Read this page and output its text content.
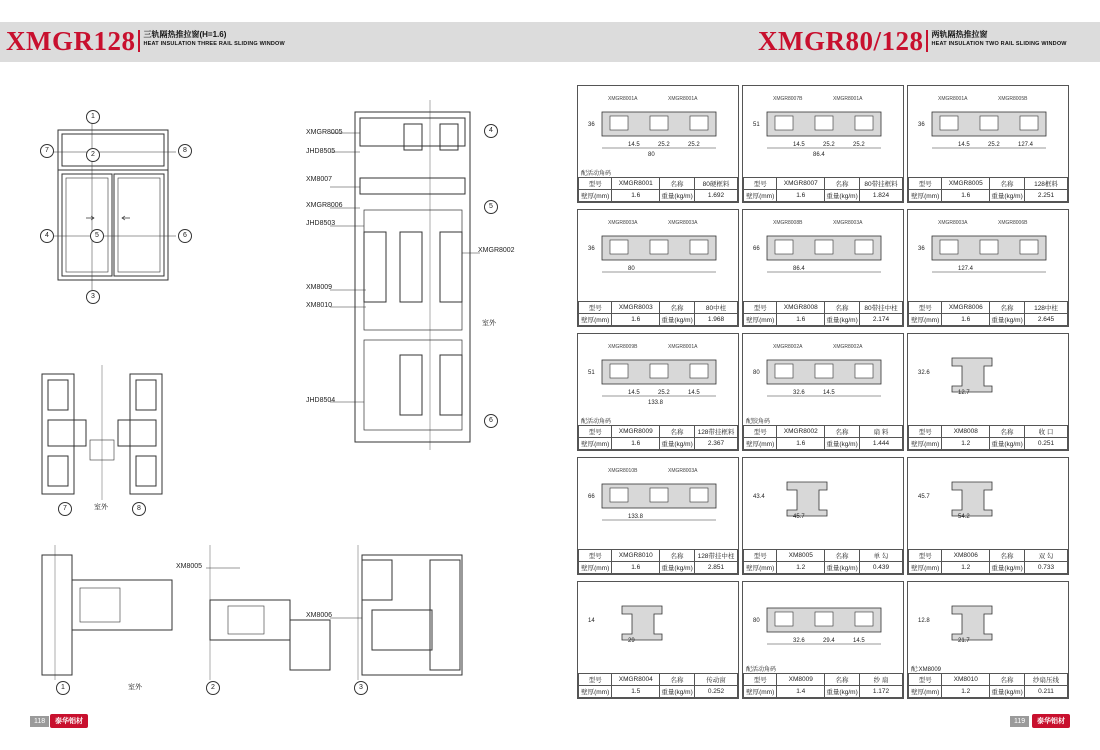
XMGR128 三轨隔热推拉窗(H=1.6)
HEAT INSULATION THREE RAIL SLIDING WINDOW	XMGR80/128 两轨隔热推拉窗
HEAT INSULATION TWO RAIL SLIDING WINDOW
1
2
7	8
4	5	6
3
7	8
室外
4
5
6
XMGR8005
JHD8505
XM8007
XMGR8006
JHD8503
XMGR8002
XM8009
XM8010
室外
JHD8504
XM8005
XM8006
1	室外	2	3
XMGR8001A	XMGR8001A
36
14.5	25.2	25.2
80
配活动角码
型号	XMGR8001	名称	80硬框料
壁厚(mm)	1.6	重量(kg/m)	1.692
XMGR8007B	XMGR8001A
51
14.5	25.2	25.2
86.4
型号	XMGR8007	名称	80带挂框料
壁厚(mm)	1.6	重量(kg/m)	1.824
XMGR8001A	XMGR8005B
36
14.5	25.2	127.4
型号	XMGR8005	名称	128框料
壁厚(mm)	1.6	重量(kg/m)	2.251
XMGR8003A	XMGR8003A
36
80
型号	XMGR8003	名称	80中柱
壁厚(mm)	1.6	重量(kg/m)	1.968
XMGR8008B	XMGR8003A
66
86.4
型号	XMGR8008	名称	80带挂中柱
壁厚(mm)	1.6	重量(kg/m)	2.174
XMGR8003A	XMGR8006B
36
127.4
型号	XMGR8006	名称	128中柱
壁厚(mm)	1.6	重量(kg/m)	2.645
XMGR8009B	XMGR8001A
51
14.5	25.2	14.5
133.8
配活动角码
型号	XMGR8009	名称	128带挂框料
壁厚(mm)	1.6	重量(kg/m)	2.367
XMGR8002A	XMGR8002A
80
32.6	14.5
配胶角码
型号	XMGR8002	名称	扇 料
壁厚(mm)	1.6	重量(kg/m)	1.444
32.6
12.7
型号	XM8008	名称	收 口
壁厚(mm)	1.2	重量(kg/m)	0.251
XMGR8010B	XMGR8003A
66
133.8
型号	XMGR8010	名称	128带挂中柱
壁厚(mm)	1.6	重量(kg/m)	2.851
43.4
45.7
型号	XM8005	名称	单 勾
壁厚(mm)	1.2	重量(kg/m)	0.439
45.7
54.2
型号	XM8006	名称	双 勾
壁厚(mm)	1.2	重量(kg/m)	0.733
14
29
型号	XMGR8004	名称	传动窗
壁厚(mm)	1.5	重量(kg/m)	0.252
80
32.6	29.4	14.5
配活动角码
型号	XM8009	名称	纱 扇
壁厚(mm)	1.4	重量(kg/m)	1.172
12.8
21.7
配:XM8009
型号	XM8010	名称	纱扇压线
壁厚(mm)	1.2	重量(kg/m)	0.211
118	泰华铝材	119	泰华铝材
